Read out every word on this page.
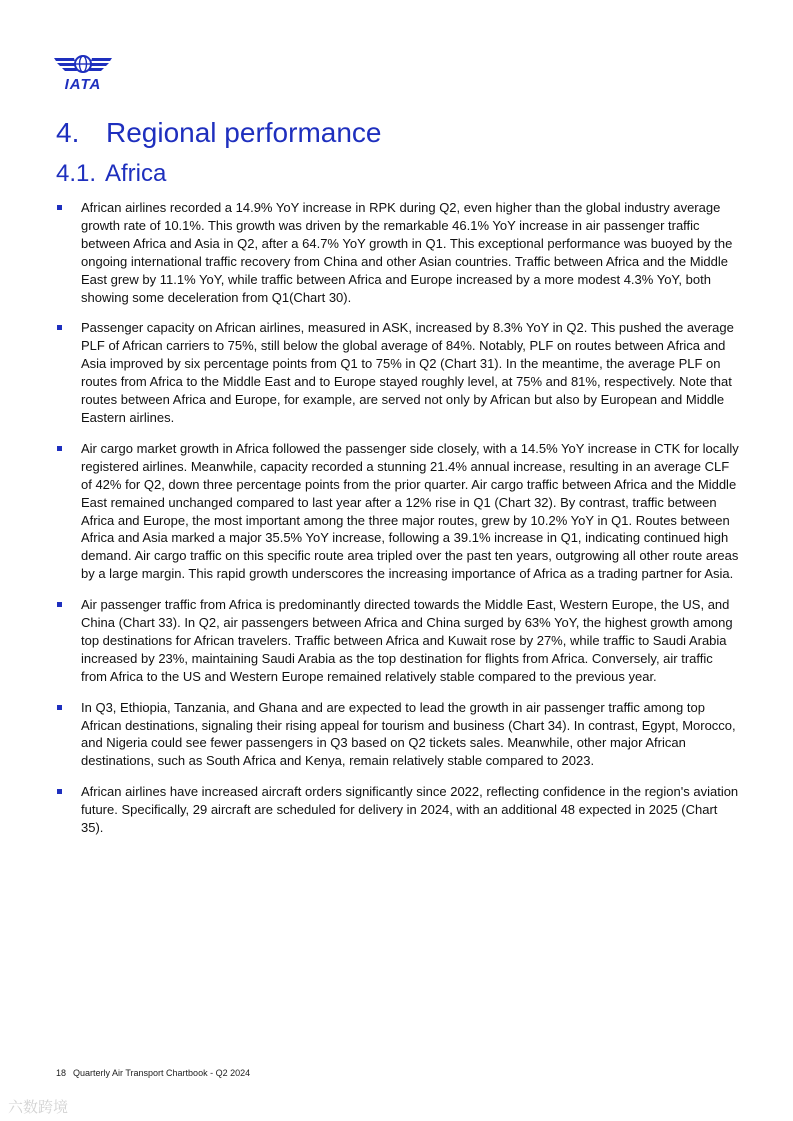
IATA
4. Regional performance
4.1. Africa
African airlines recorded a 14.9% YoY increase in RPK during Q2, even higher than the global industry average growth rate of 10.1%. This growth was driven by the remarkable 46.1% YoY increase in air passenger traffic between Africa and Asia in Q2, after a 64.7% YoY growth in Q1. This exceptional performance was buoyed by the ongoing international traffic recovery from China and other Asian countries. Traffic between Africa and the Middle East grew by 11.1% YoY, while traffic between Africa and Europe increased by a more modest 4.3% YoY, both showing some deceleration from Q1(Chart 30).
Passenger capacity on African airlines, measured in ASK, increased by 8.3% YoY in Q2. This pushed the average PLF of African carriers to 75%, still below the global average of 84%. Notably, PLF on routes between Africa and Asia improved by six percentage points from Q1 to 75% in Q2 (Chart 31). In the meantime, the average PLF on routes from Africa to the Middle East and to Europe stayed roughly level, at 75% and 81%, respectively. Note that routes between Africa and Europe, for example, are served not only by African but also by European and Middle Eastern airlines.
Air cargo market growth in Africa followed the passenger side closely, with a 14.5% YoY increase in CTK for locally registered airlines. Meanwhile, capacity recorded a stunning 21.4% annual increase, resulting in an average CLF of 42% for Q2, down three percentage points from the prior quarter. Air cargo traffic between Africa and the Middle East remained unchanged compared to last year after a 12% rise in Q1 (Chart 32). By contrast, traffic between Africa and Europe, the most important among the three major routes, grew by 10.2% YoY in Q1. Routes between Africa and Asia marked a major 35.5% YoY increase, following a 39.1% increase in Q1, indicating continued high demand. Air cargo traffic on this specific route area tripled over the past ten years, outgrowing all other route areas by a large margin. This rapid growth underscores the increasing importance of Africa as a trading partner for Asia.
Air passenger traffic from Africa is predominantly directed towards the Middle East, Western Europe, the US, and China (Chart 33). In Q2, air passengers between Africa and China surged by 63% YoY, the highest growth among top destinations for African travelers. Traffic between Africa and Kuwait rose by 27%, while traffic to Saudi Arabia increased by 23%, maintaining Saudi Arabia as the top destination for flights from Africa. Conversely, air traffic from Africa to the US and Western Europe remained relatively stable compared to the previous year.
In Q3, Ethiopia, Tanzania, and Ghana and are expected to lead the growth in air passenger traffic among top African destinations, signaling their rising appeal for tourism and business (Chart 34). In contrast, Egypt, Morocco, and Nigeria could see fewer passengers in Q3 based on Q2 tickets sales. Meanwhile, other major African destinations, such as South Africa and Kenya, remain relatively stable compared to 2023.
African airlines have increased aircraft orders significantly since 2022, reflecting confidence in the region's aviation future. Specifically, 29 aircraft are scheduled for delivery in 2024, with an additional 48 expected in 2025 (Chart 35).
18 Quarterly Air Transport Chartbook - Q2 2024
六数跨境
